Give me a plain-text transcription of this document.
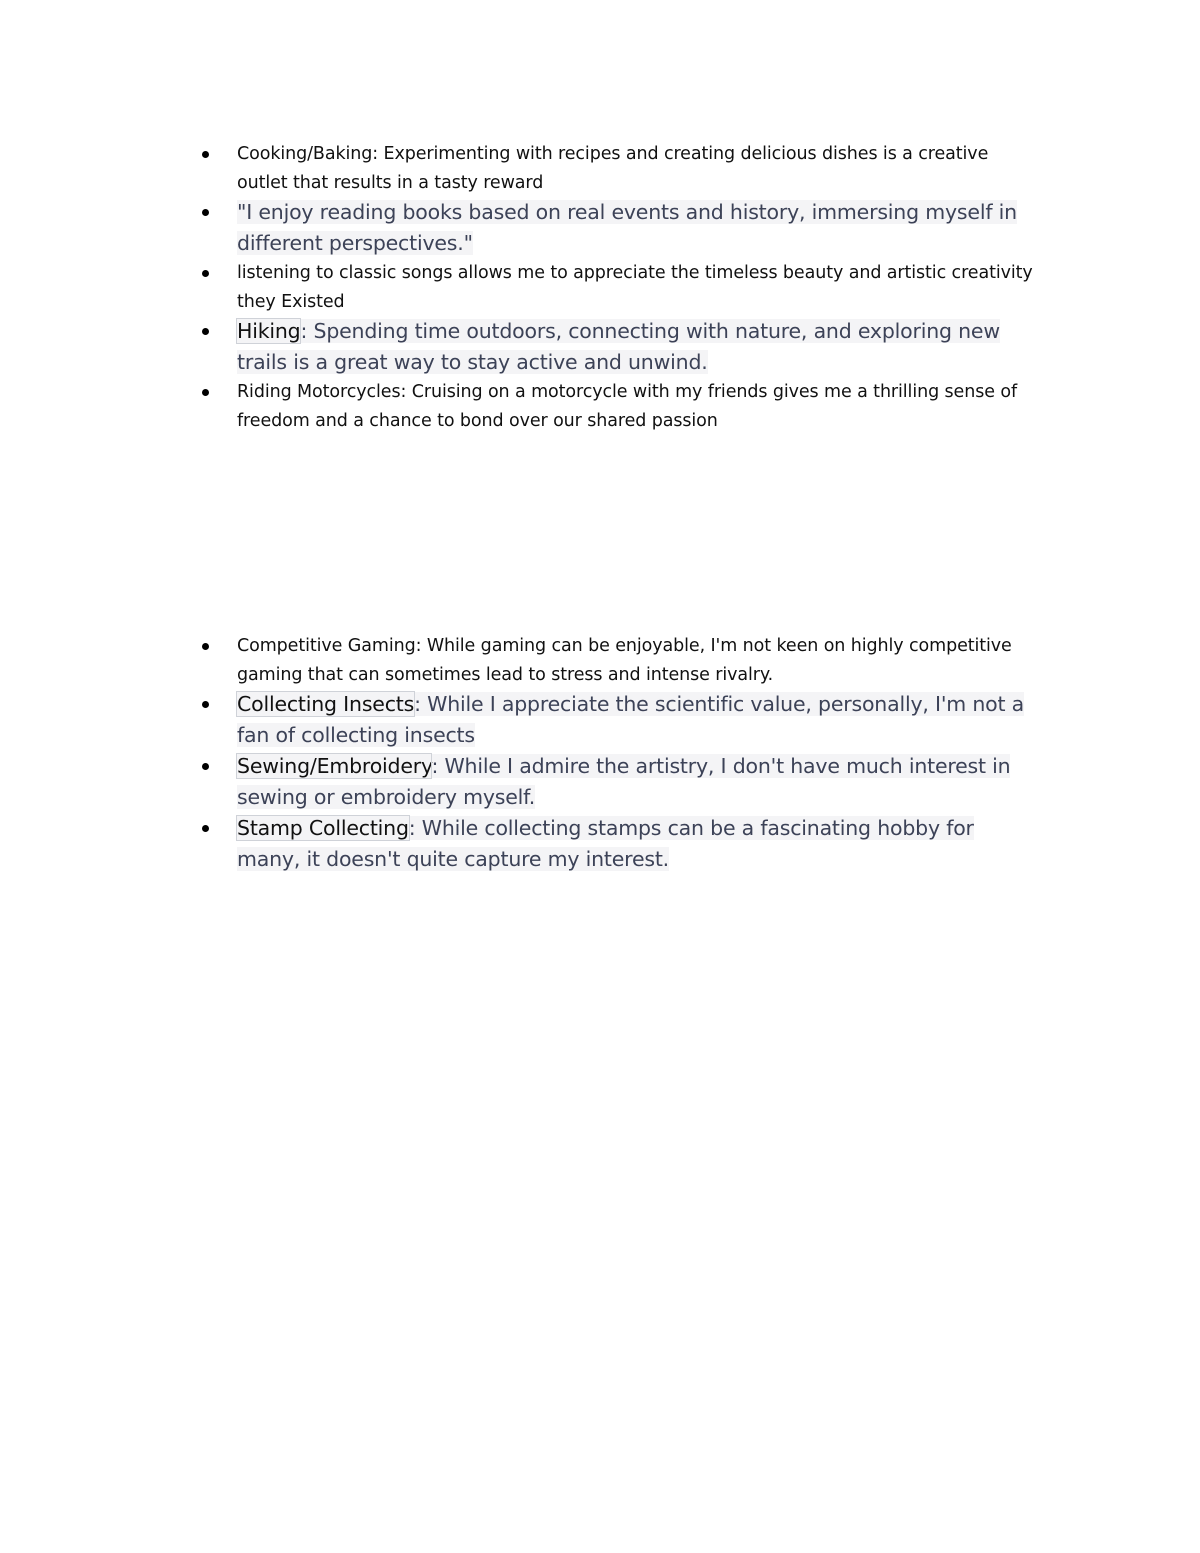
Cooking/Baking: Experimenting with recipes and creating delicious dishes is a creative outlet that results in a tasty reward
"I enjoy reading books based on real events and history, immersing myself in different perspectives."
listening to classic songs allows me to appreciate the timeless beauty and artistic creativity they Existed
Hiking: Spending time outdoors, connecting with nature, and exploring new trails is a great way to stay active and unwind.
Riding Motorcycles: Cruising on a motorcycle with my friends gives me a thrilling sense of freedom and a chance to bond over our shared passion
Competitive Gaming: While gaming can be enjoyable, I'm not keen on highly competitive gaming that can sometimes lead to stress and intense rivalry.
Collecting Insects: While I appreciate the scientific value, personally, I'm not a fan of collecting insects
Sewing/Embroidery: While I admire the artistry, I don't have much interest in sewing or embroidery myself.
Stamp Collecting: While collecting stamps can be a fascinating hobby for many, it doesn't quite capture my interest.
